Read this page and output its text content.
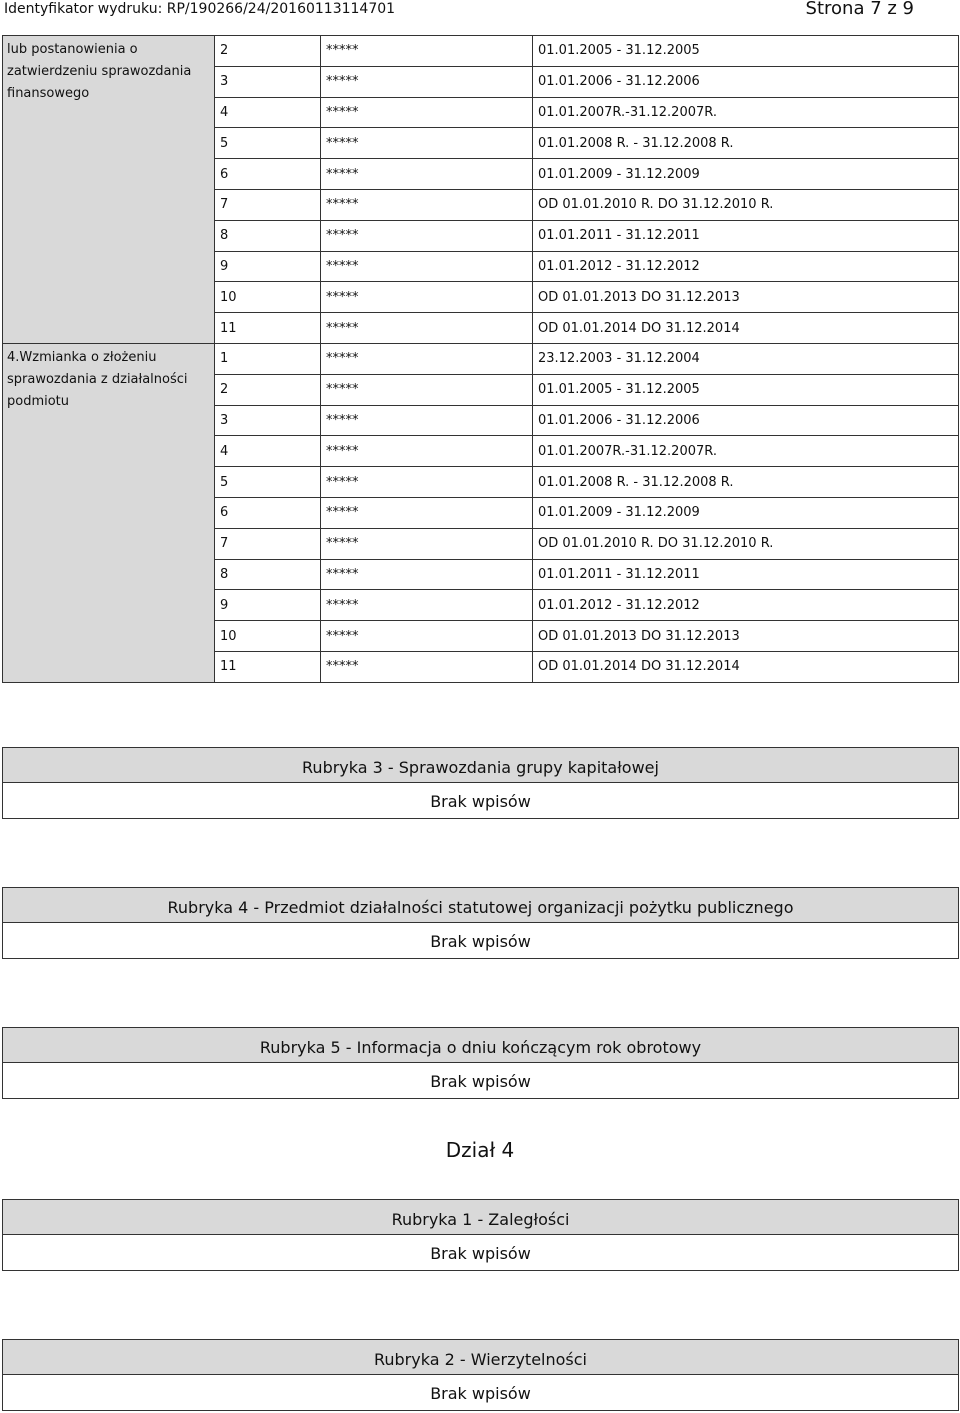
Identyfikator wydruku: RP/190266/24/20160113114701	Strona 7 z 9
lub postanowienia o zatwierdzeniu sprawozdania finansowego	2	*****	01.01.2005 - 31.12.2005
	3	*****	01.01.2006 - 31.12.2006
	4	*****	01.01.2007R.-31.12.2007R.
	5	*****	01.01.2008 R. - 31.12.2008 R.
	6	*****	01.01.2009 - 31.12.2009
	7	*****	OD 01.01.2010 R. DO 31.12.2010 R.
	8	*****	01.01.2011 - 31.12.2011
	9	*****	01.01.2012 - 31.12.2012
	10	*****	OD 01.01.2013 DO 31.12.2013
	11	*****	OD 01.01.2014 DO 31.12.2014
4.Wzmianka o złożeniu sprawozdania z działalności podmiotu	1	*****	23.12.2003 - 31.12.2004
	2	*****	01.01.2005 - 31.12.2005
	3	*****	01.01.2006 - 31.12.2006
	4	*****	01.01.2007R.-31.12.2007R.
	5	*****	01.01.2008 R. - 31.12.2008 R.
	6	*****	01.01.2009 - 31.12.2009
	7	*****	OD 01.01.2010 R. DO 31.12.2010 R.
	8	*****	01.01.2011 - 31.12.2011
	9	*****	01.01.2012 - 31.12.2012
	10	*****	OD 01.01.2013 DO 31.12.2013
	11	*****	OD 01.01.2014 DO 31.12.2014
Rubryka 3 - Sprawozdania grupy kapitałowej
Brak wpisów
Rubryka 4 - Przedmiot działalności statutowej organizacji pożytku publicznego
Brak wpisów
Rubryka 5 - Informacja o dniu kończącym rok obrotowy
Brak wpisów
Dział 4
Rubryka 1 - Zaległości
Brak wpisów
Rubryka 2 - Wierzytelności
Brak wpisów
